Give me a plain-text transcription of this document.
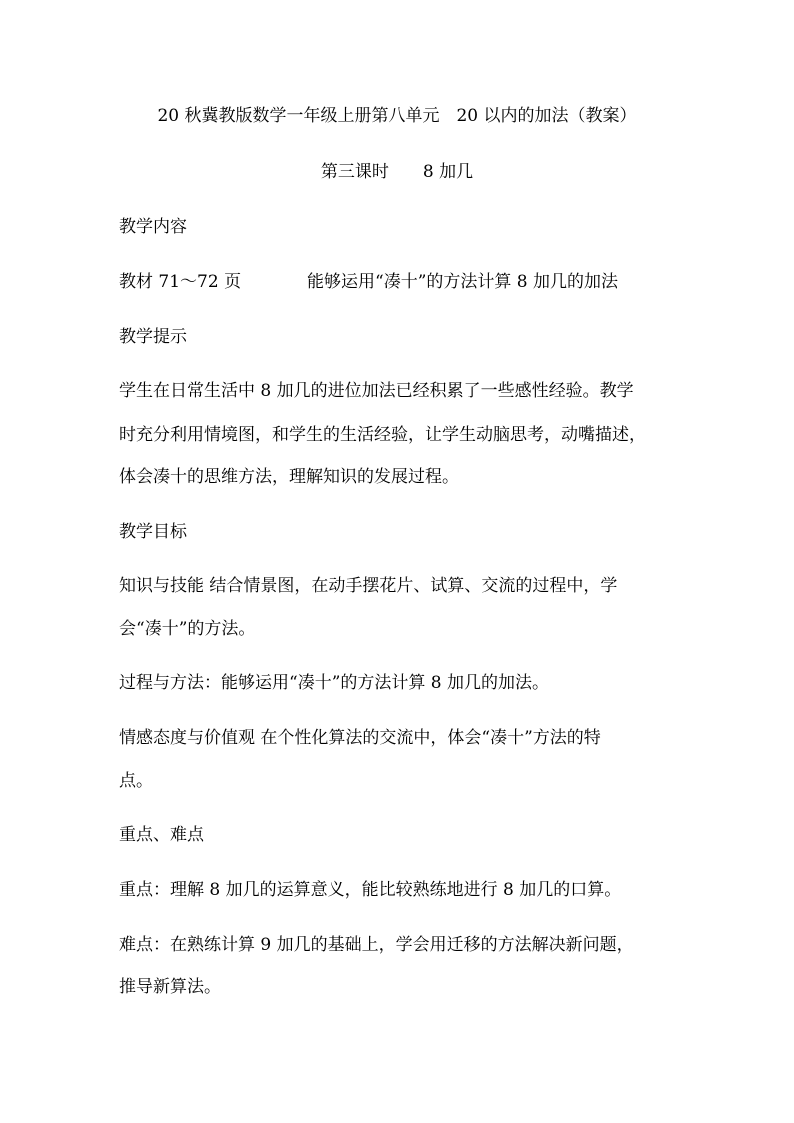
20 秋冀教版数学一年级上册第八单元　20 以内的加法（教案）
第三课时　　8 加几
教学内容
教材 71～72 页	能够运用“凑十”的方法计算 8 加几的加法
教学提示
学生在日常生活中 8 加几的进位加法已经积累了一些感性经验。教学
时充分利用情境图，和学生的生活经验，让学生动脑思考，动嘴描述，
体会凑十的思维方法，理解知识的发展过程。
教学目标
知识与技能 结合情景图，在动手摆花片、试算、交流的过程中，学
会“凑十”的方法。
过程与方法：能够运用“凑十”的方法计算 8 加几的加法。
情感态度与价值观 在个性化算法的交流中，体会“凑十”方法的特
点。
重点、难点
重点：理解 8 加几的运算意义，能比较熟练地进行 8 加几的口算。
难点：在熟练计算 9 加几的基础上，学会用迁移的方法解决新问题，
推导新算法。
